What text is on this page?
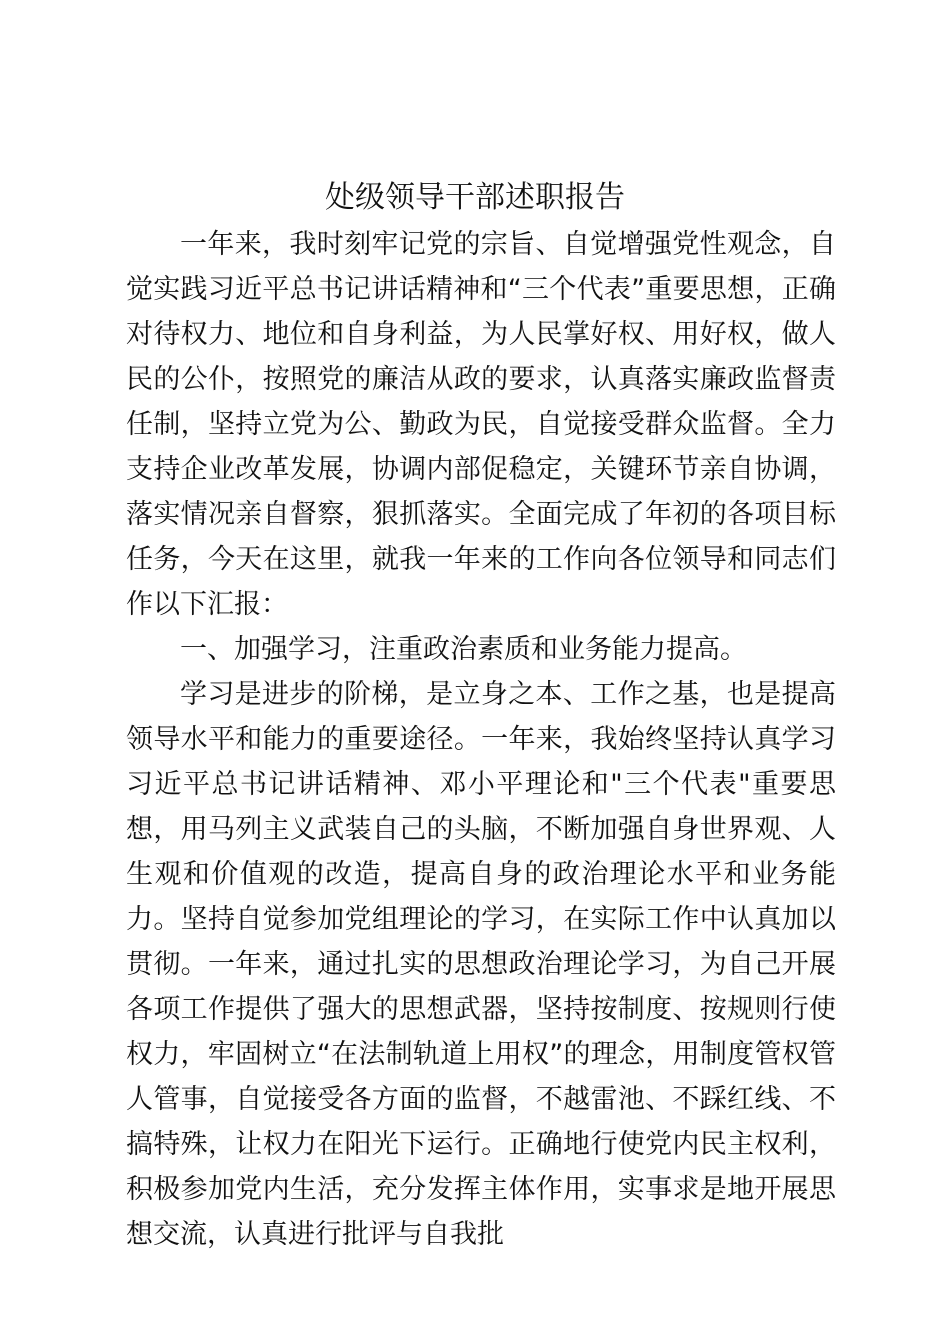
处级领导干部述职报告

一年来，我时刻牢记党的宗旨、自觉增强党性观念，自觉实践习近平总书记讲话精神和“三个代表”重要思想，正确对待权力、地位和自身利益，为人民掌好权、用好权，做人民的公仆，按照党的廉洁从政的要求，认真落实廉政监督责任制，坚持立党为公、勤政为民，自觉接受群众监督。全力支持企业改革发展，协调内部促稳定，关键环节亲自协调，落实情况亲自督察，狠抓落实。全面完成了年初的各项目标任务，今天在这里，就我一年来的工作向各位领导和同志们作以下汇报：

一、加强学习，注重政治素质和业务能力提高。

学习是进步的阶梯，是立身之本、工作之基，也是提高领导水平和能力的重要途径。一年来，我始终坚持认真学习习近平总书记讲话精神、邓小平理论和"三个代表"重要思想，用马列主义武装自己的头脑，不断加强自身世界观、人生观和价值观的改造，提高自身的政治理论水平和业务能力。坚持自觉参加党组理论的学习，在实际工作中认真加以贯彻。一年来，通过扎实的思想政治理论学习，为自己开展各项工作提供了强大的思想武器，坚持按制度、按规则行使权力，牢固树立“在法制轨道上用权”的理念，用制度管权管人管事，自觉接受各方面的监督，不越雷池、不踩红线、不搞特殊，让权力在阳光下运行。正确地行使党内民主权利，积极参加党内生活，充分发挥主体作用，实事求是地开展思想交流，认真进行批评与自我批
